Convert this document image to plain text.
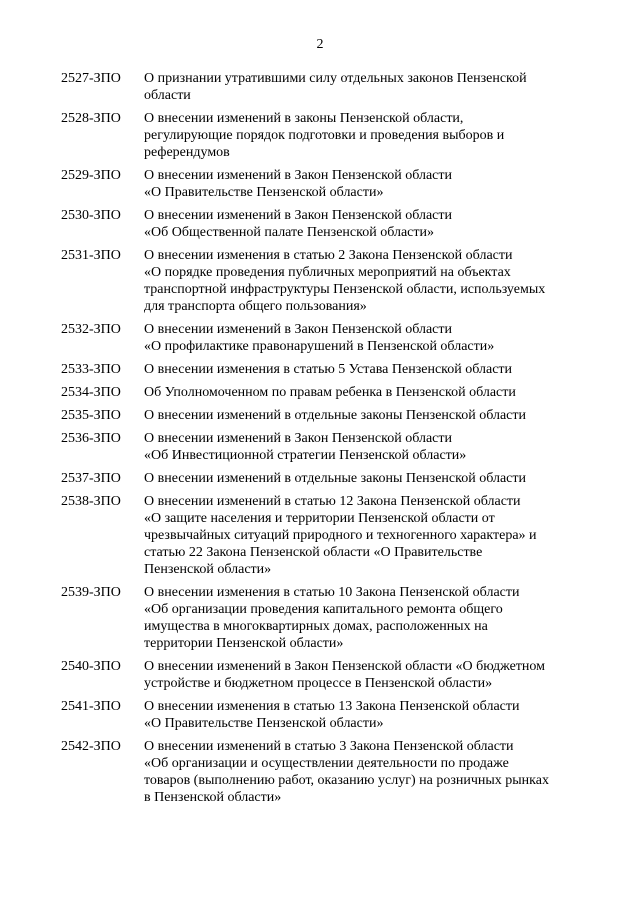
2
2527-ЗПО	О признании утратившими силу отдельных законов Пензенской
области
2528-ЗПО	О внесении изменений в законы Пензенской области,
регулирующие порядок подготовки и проведения выборов и
референдумов
2529-ЗПО	О внесении изменений в Закон Пензенской области
«О Правительстве Пензенской области»
2530-ЗПО	О внесении изменений в Закон Пензенской области
«Об Общественной палате Пензенской области»
2531-ЗПО	О внесении изменения в статью 2 Закона Пензенской области
«О порядке проведения публичных мероприятий на объектах
транспортной инфраструктуры Пензенской области, используемых
для транспорта общего пользования»
2532-ЗПО	О внесении изменений в Закон Пензенской области
«О профилактике правонарушений в Пензенской области»
2533-ЗПО	О внесении изменения в статью 5 Устава Пензенской области
2534-ЗПО	Об Уполномоченном по правам ребенка в Пензенской области
2535-ЗПО	О внесении изменений в отдельные законы Пензенской области
2536-ЗПО	О внесении изменений в Закон Пензенской области
«Об Инвестиционной стратегии Пензенской области»
2537-ЗПО	О внесении изменений в отдельные законы Пензенской области
2538-ЗПО	О внесении изменений в статью 12 Закона Пензенской области
«О защите населения и территории Пензенской области от
чрезвычайных ситуаций природного и техногенного характера» и
статью 22 Закона Пензенской области «О Правительстве
Пензенской области»
2539-ЗПО	О внесении изменения в статью 10 Закона Пензенской области
«Об организации проведения капитального ремонта общего
имущества в многоквартирных домах, расположенных на
территории Пензенской области»
2540-ЗПО	О внесении изменений в Закон Пензенской области «О бюджетном
устройстве и бюджетном процессе в Пензенской области»
2541-ЗПО	О внесении изменения в статью 13 Закона Пензенской области
«О Правительстве Пензенской области»
2542-ЗПО	О внесении изменений в статью 3 Закона Пензенской области
«Об организации и осуществлении деятельности по продаже
товаров (выполнению работ, оказанию услуг) на розничных рынках
в Пензенской области»
